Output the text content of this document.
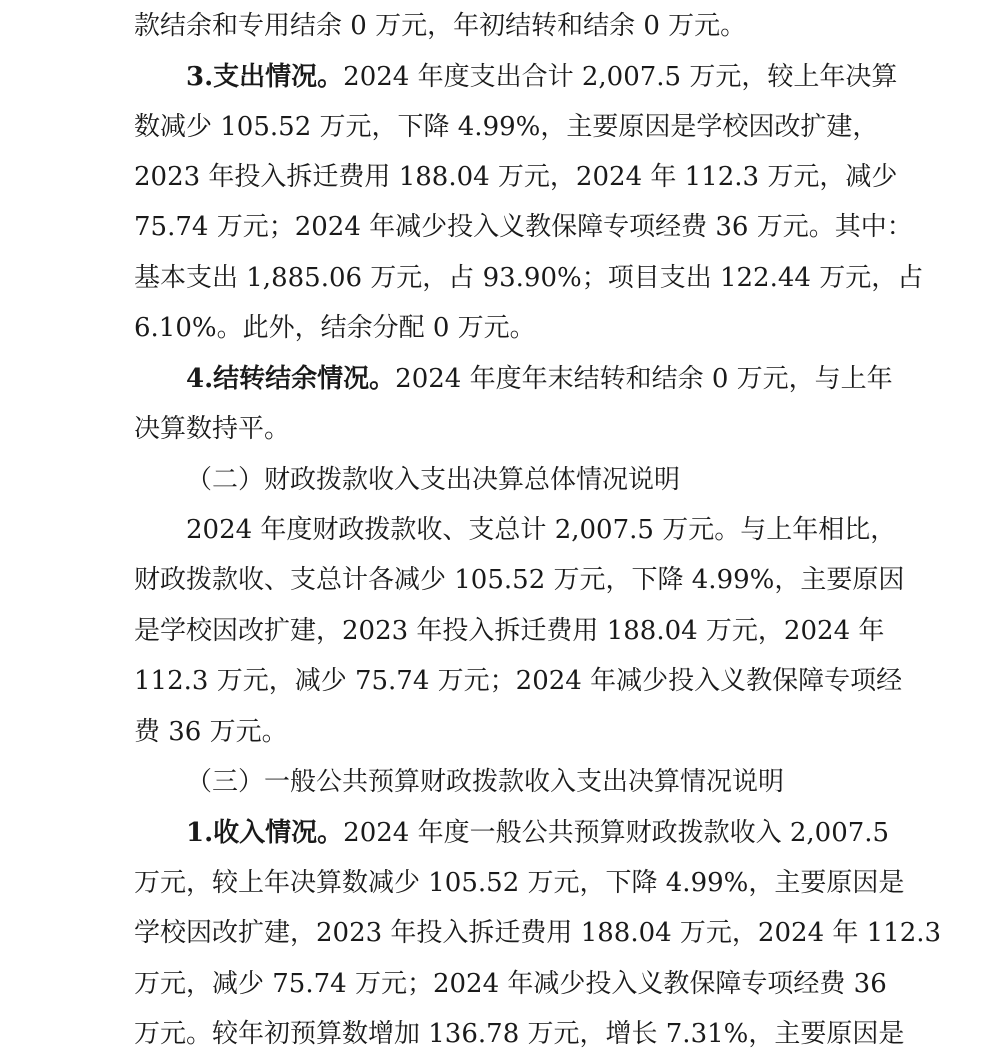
款结余和专用结余 0 万元，年初结转和结余 0 万元。
3.支出情况。2024 年度支出合计 2,007.5 万元，较上年决算
数减少 105.52 万元，下降 4.99%，主要原因是学校因改扩建，
2023 年投入拆迁费用 188.04 万元，2024 年 112.3 万元，减少
75.74 万元；2024 年减少投入义教保障专项经费 36 万元。其中：
基本支出 1,885.06 万元，占 93.90%；项目支出 122.44 万元，占
6.10%。此外，结余分配 0 万元。
4.结转结余情况。2024 年度年末结转和结余 0 万元，与上年
决算数持平。
（二）财政拨款收入支出决算总体情况说明
2024 年度财政拨款收、支总计 2,007.5 万元。与上年相比，
财政拨款收、支总计各减少 105.52 万元，下降 4.99%，主要原因
是学校因改扩建，2023 年投入拆迁费用 188.04 万元，2024 年
112.3 万元，减少 75.74 万元；2024 年减少投入义教保障专项经
费 36 万元。
（三）一般公共预算财政拨款收入支出决算情况说明
1.收入情况。2024 年度一般公共预算财政拨款收入 2,007.5
万元，较上年决算数减少 105.52 万元，下降 4.99%，主要原因是
学校因改扩建，2023 年投入拆迁费用 188.04 万元，2024 年 112.3
万元，减少 75.74 万元；2024 年减少投入义教保障专项经费 36
万元。较年初预算数增加 136.78 万元，增长 7.31%，主要原因是
